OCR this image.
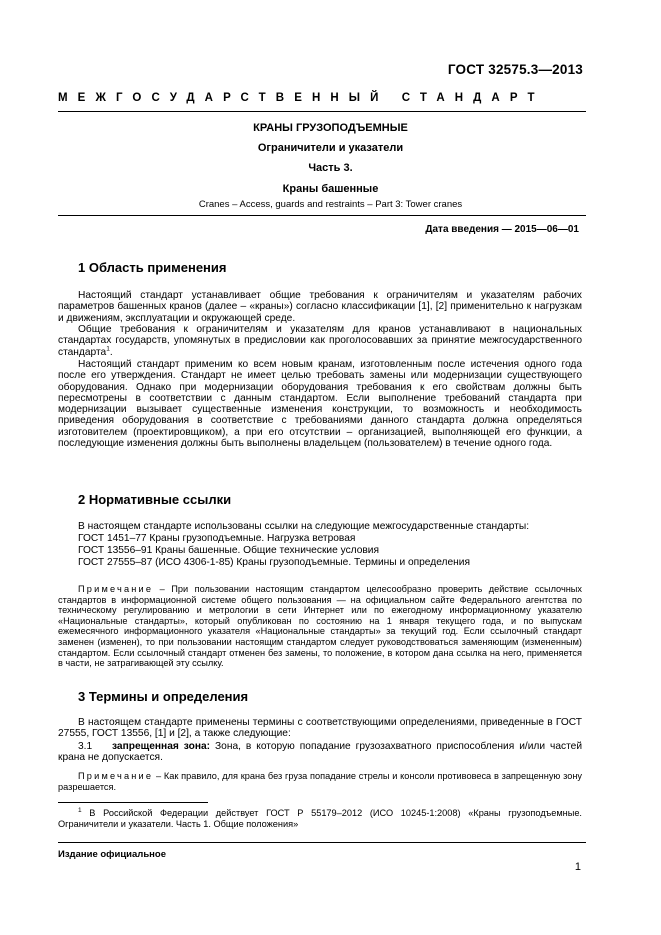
ГОСТ 32575.3—2013
МЕЖГОСУДАРСТВЕННЫЙ СТАНДАРТ
КРАНЫ ГРУЗОПОДЪЕМНЫЕ
Ограничители и указатели
Часть 3.
Краны башенные
Cranes – Access, guards and restraints – Part 3: Tower cranes
Дата введения — 2015—06—01
1 Область применения

Настоящий стандарт устанавливает общие требования к ограничителям и указателям рабочих параметров башенных кранов (далее – «краны») согласно классификации [1], [2] применительно к нагрузкам и движениям, эксплуатации и окружающей среде.

Общие требования к ограничителям и указателям для кранов устанавливают в национальных стандартах государств, упомянутых в предисловии как проголосовавших за принятие межгосударственного стандарта$^1$.

Настоящий стандарт применим ко всем новым кранам, изготовленным после истечения одного года после его утверждения. Стандарт не имеет целью требовать замены или модернизации существующего оборудования. Однако при модернизации оборудования требования к его свойствам должны быть пересмотрены в соответствии с данным стандартом. Если выполнение требований стандарта при модернизации вызывает существенные изменения конструкции, то возможность и необходимость приведения оборудования в соответствие с требованиями данного стандарта должна определяться изготовителем (проектировщиком), а при его отсутствии – организацией, выполняющей его функции, а последующие изменения должны быть выполнены владельцем (пользователем) в течение одного года.

2 Нормативные ссылки

В настоящем стандарте использованы ссылки на следующие межгосударственные стандарты:

ГОСТ 1451–77 Краны грузоподъемные. Нагрузка ветровая

ГОСТ 13556–91 Краны башенные. Общие технические условия

ГОСТ 27555–87 (ИСО 4306-1-85) Краны грузоподъемные. Термины и определения

Примечание – При пользовании настоящим стандартом целесообразно проверить действие ссылочных стандартов в информационной системе общего пользования — на официальном сайте Федерального агентства по техническому регулированию и метрологии в сети Интернет или по ежегодному информационному указателю «Национальные стандарты», который опубликован по состоянию на 1 января текущего года, и по выпускам ежемесячного информационного указателя «Национальные стандарты» за текущий год. Если ссылочный стандарт заменен (изменен), то при пользовании настоящим стандартом следует руководствоваться заменяющим (измененным) стандартом. Если ссылочный стандарт отменен без замены, то положение, в котором дана ссылка на него, применяется в части, не затрагивающей эту ссылку.

3 Термины и определения

В настоящем стандарте применены термины с соответствующими определениями, приведенные в ГОСТ 27555, ГОСТ 13556, [1] и [2], а также следующие:

3.1 запрещенная зона: Зона, в которую попадание грузозахватного приспособления и/или частей крана не допускается.

Примечание – Как правило, для крана без груза попадание стрелы и консоли противовеса в запрещенную зону разрешается.

$^1$ В Российской Федерации действует ГОСТ Р 55179–2012 (ИСО 10245-1:2008) «Краны грузоподъемные. Ограничители и указатели. Часть 1. Общие положения»

Издание официальное
1
